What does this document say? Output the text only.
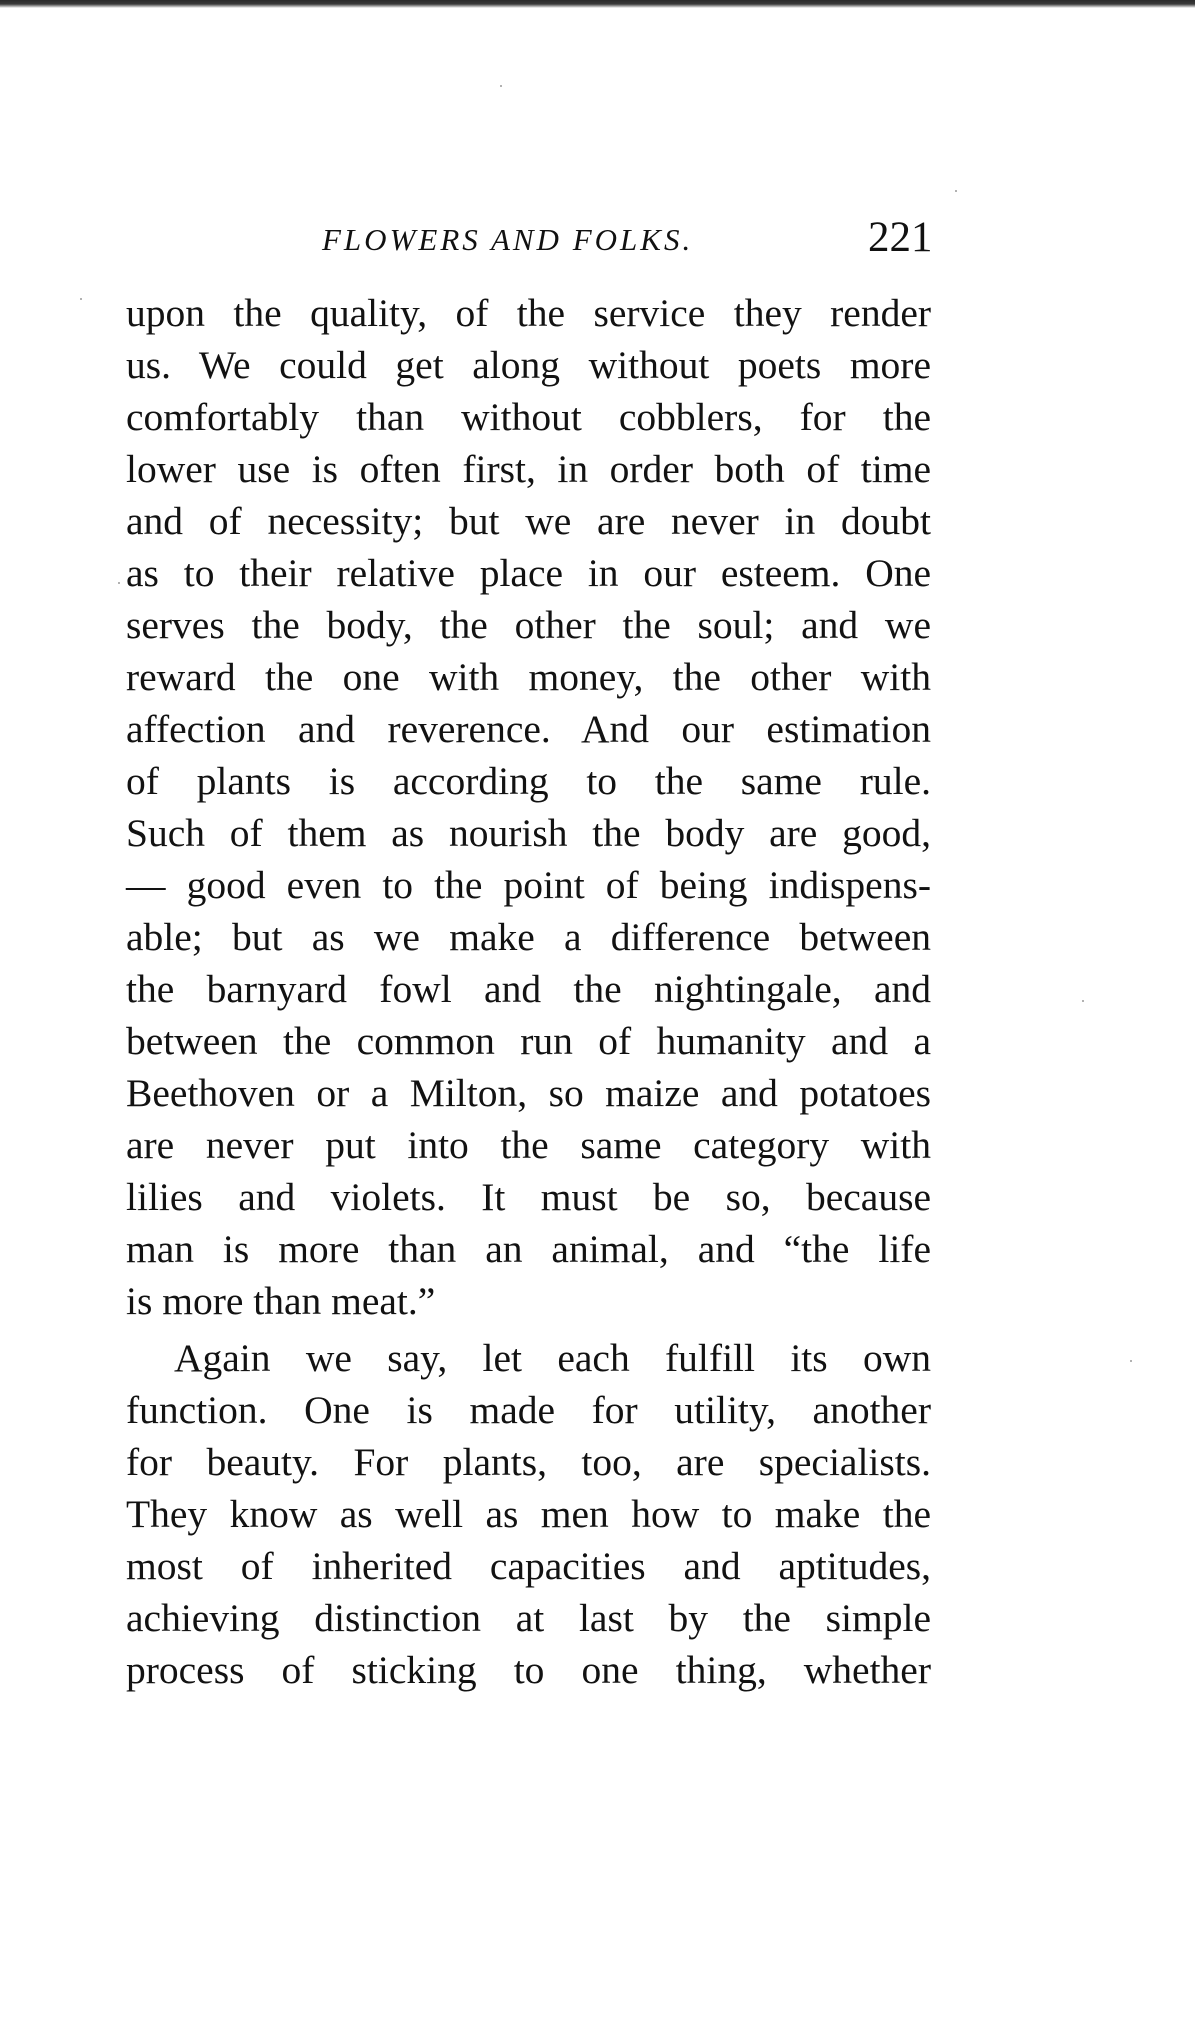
FLOWERS AND FOLKS.	221
upon the quality, of the service they render
us. We could get along without poets more
comfortably than without cobblers, for the
lower use is often first, in order both of time
and of necessity; but we are never in doubt
as to their relative place in our esteem. One
serves the body, the other the soul; and we
reward the one with money, the other with
affection and reverence. And our estimation
of plants is according to the same rule.
Such of them as nourish the body are good,
— good even to the point of being indispens-
able; but as we make a difference between
the barnyard fowl and the nightingale, and
between the common run of humanity and a
Beethoven or a Milton, so maize and potatoes
are never put into the same category with
lilies and violets. It must be so, because
man is more than an animal, and “the life
is more than meat.”
Again we say, let each fulfill its own
function. One is made for utility, another
for beauty. For plants, too, are specialists.
They know as well as men how to make the
most of inherited capacities and aptitudes,
achieving distinction at last by the simple
process of sticking to one thing, whether
